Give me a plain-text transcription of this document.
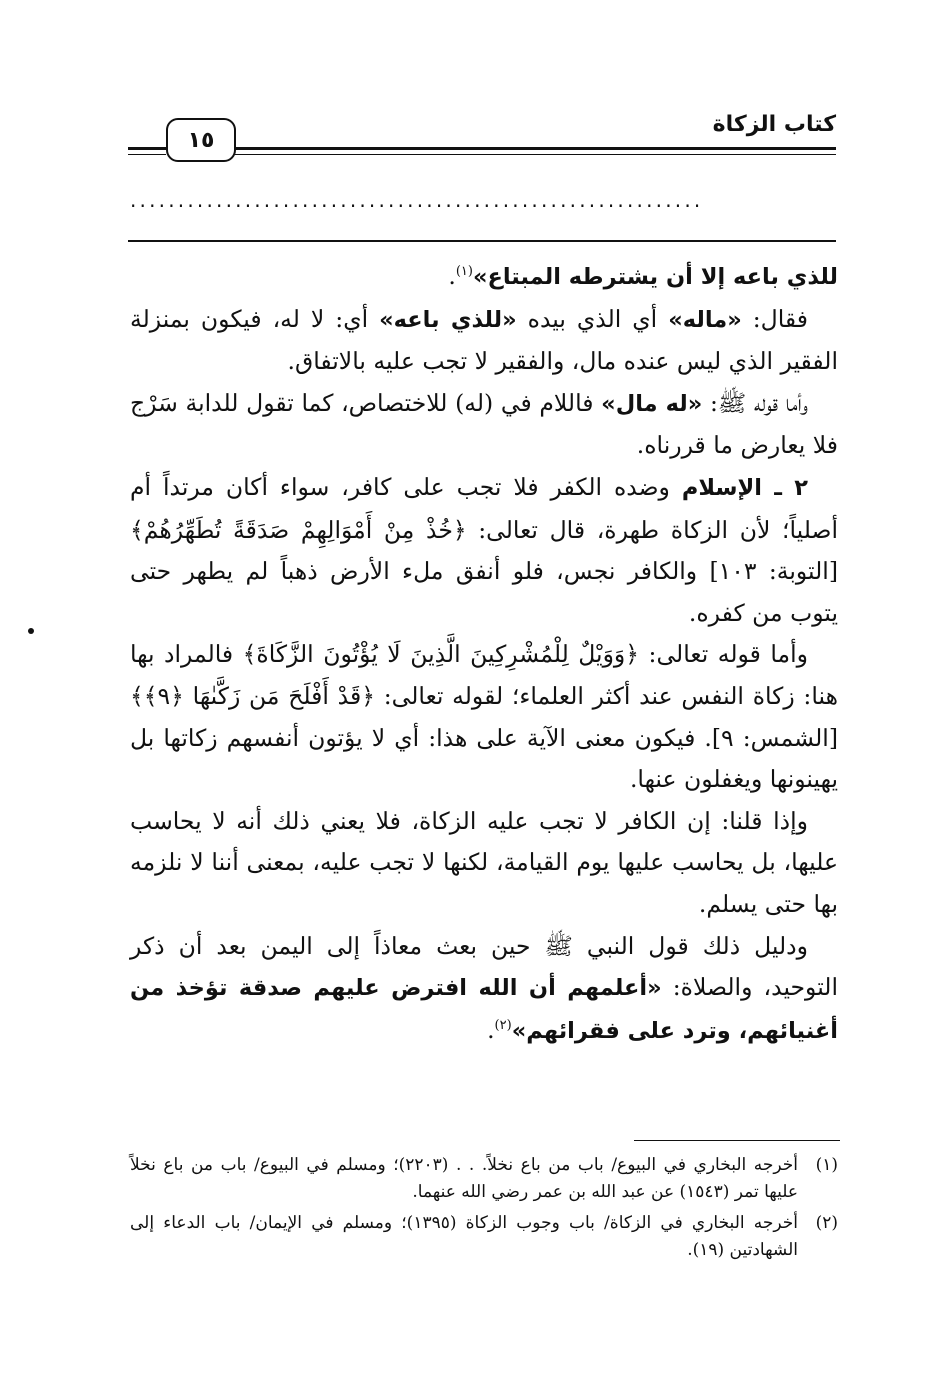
كتاب الزكاة
١٥
............................................................

للذي باعه إلا أن يشترطه المبتاع»$^{(١)}$.

فقال: «ماله» أي الذي بيده «للذي باعه» أي: لا له، فيكون بمنزلة الفقير الذي ليس عنده مال، والفقير لا تجب عليه بالاتفاق.

وأما قوله ﷺ: «له مال» فاللام في (له) للاختصاص، كما تقول للدابة سَرْج فلا يعارض ما قررناه.

٢ ـ الإسلام وضده الكفر فلا تجب على كافر، سواء أكان مرتداً أم أصلياً؛ لأن الزكاة طهرة، قال تعالى: ﴿خُذْ مِنْ أَمْوَالِهِمْ صَدَقَةً تُطَهِّرُهُمْ﴾ [التوبة: ١٠٣] والكافر نجس، فلو أنفق ملء الأرض ذهباً لم يطهر حتى يتوب من كفره.

وأما قوله تعالى: ﴿وَوَيْلٌ لِلْمُشْرِكِينَ الَّذِينَ لَا يُؤْتُونَ الزَّكَاةَ﴾ فالمراد بها هنا: زكاة النفس عند أكثر العلماء؛ لقوله تعالى: ﴿قَدْ أَفْلَحَ مَن زَكَّىٰهَا ﴿٩﴾﴾ [الشمس: ٩]. فيكون معنى الآية على هذا: أي لا يؤتون أنفسهم زكاتها بل يهينونها ويغفلون عنها.

وإذا قلنا: إن الكافر لا تجب عليه الزكاة، فلا يعني ذلك أنه لا يحاسب عليها، بل يحاسب عليها يوم القيامة، لكنها لا تجب عليه، بمعنى أننا لا نلزمه بها حتى يسلم.

ودليل ذلك قول النبي ﷺ حين بعث معاذاً إلى اليمن بعد أن ذكر التوحيد، والصلاة: «أعلمهم أن الله افترض عليهم صدقة تؤخذ من أغنيائهم، وترد على فقرائهم»$^{(٢)}$.

(١)
أخرجه البخاري في البيوع/ باب من باع نخلاً. . . (٢٢٠٣)؛ ومسلم في البيوع/ باب من باع نخلاً عليها تمر (١٥٤٣) عن عبد الله بن عمر رضي الله عنهما.
(٢)
أخرجه البخاري في الزكاة/ باب وجوب الزكاة (١٣٩٥)؛ ومسلم في الإيمان/ باب الدعاء إلى الشهادتين (١٩).
